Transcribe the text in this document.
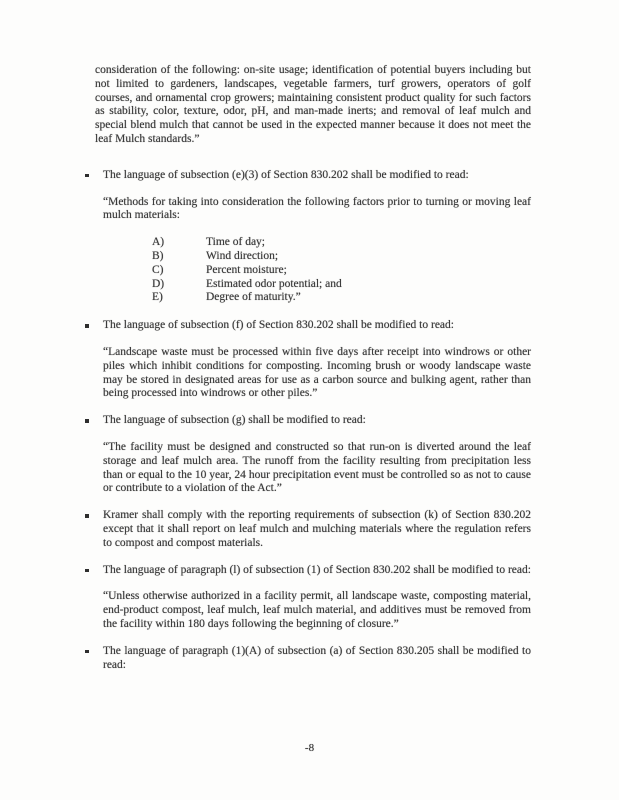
consideration of the following: on-site usage; identification of potential buyers including but not limited to gardeners, landscapes, vegetable farmers, turf growers, operators of golf courses, and ornamental crop growers; maintaining consistent product quality for such factors as stability, color, texture, odor, pH, and man-made inerts; and removal of leaf mulch and special blend mulch that cannot be used in the expected manner because it does not meet the leaf Mulch standards.”

The language of subsection (e)(3) of Section 830.202 shall be modified to read:

“Methods for taking into consideration the following factors prior to turning or moving leaf mulch materials:

A)	Time of day;
B)	Wind direction;
C)	Percent moisture;
D)	Estimated odor potential; and
E)	Degree of maturity.”

The language of subsection (f) of Section 830.202 shall be modified to read:

“Landscape waste must be processed within five days after receipt into windrows or other piles which inhibit conditions for composting. Incoming brush or woody landscape waste may be stored in designated areas for use as a carbon source and bulking agent, rather than being processed into windrows or other piles.”

The language of subsection (g) shall be modified to read:

“The facility must be designed and constructed so that run-on is diverted around the leaf storage and leaf mulch area. The runoff from the facility resulting from precipitation less than or equal to the 10 year, 24 hour precipitation event must be controlled so as not to cause or contribute to a violation of the Act.”

Kramer shall comply with the reporting requirements of subsection (k) of Section 830.202 except that it shall report on leaf mulch and mulching materials where the regulation refers to compost and compost materials.

The language of paragraph (l) of subsection (1) of Section 830.202 shall be modified to read:

“Unless otherwise authorized in a facility permit, all landscape waste, composting material, end-product compost, leaf mulch, leaf mulch material, and additives must be removed from the facility within 180 days following the beginning of closure.”

The language of paragraph (1)(A) of subsection (a) of Section 830.205 shall be modified to read:

-8
